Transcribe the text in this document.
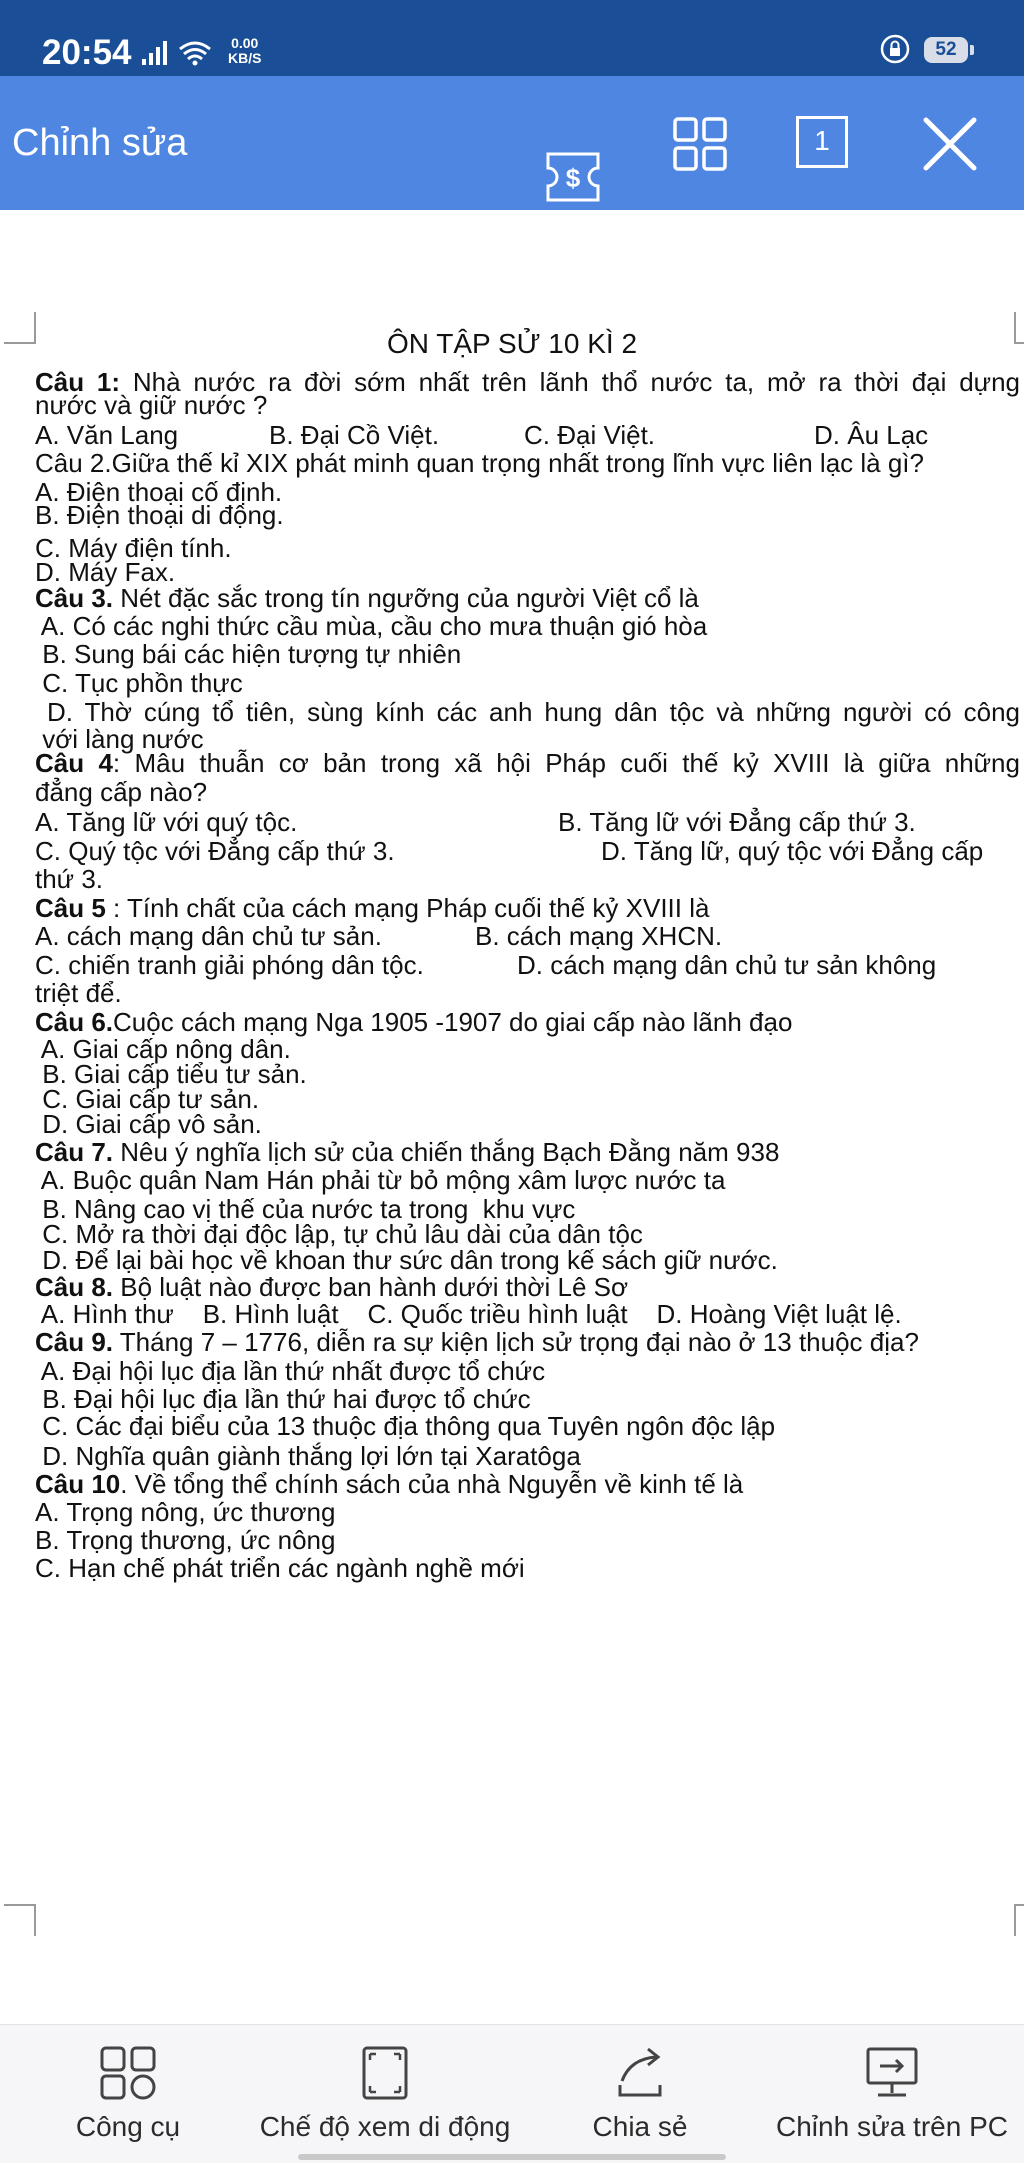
20:54	0.00
KB/S	52
Chỉnh sửa
$
1
ÔN TẬP SỬ 10 KÌ 2
Câu 1: Nhà nước ra đời sớm nhất trên lãnh thổ nước ta, mở ra thời đại dựng
nước và giữ nước ?
A. Văn Lang	B. Đại Cồ Việt.	C. Đại Việt.	D. Âu Lạc
Câu 2.Giữa thế kỉ XIX phát minh quan trọng nhất trong lĩnh vực liên lạc là gì?
A. Điện thoại cố định.
B. Điện thoại di động.
C. Máy điện tính.
D. Máy Fax.
Câu 3. Nét đặc sắc trong tín ngưỡng của người Việt cổ là
A. Có các nghi thức cầu mùa, cầu cho mưa thuận gió hòa
B. Sung bái các hiện tượng tự nhiên
C. Tục phồn thực
D. Thờ cúng tổ tiên, sùng kính các anh hung dân tộc và những người có công
với làng nước
Câu 4: Mâu thuẫn cơ bản trong xã hội Pháp cuối thế kỷ XVIII là giữa những
đẳng cấp nào?
A. Tăng lữ với quý tộc.	B. Tăng lữ với Đẳng cấp thứ 3.
C. Quý tộc với Đẳng cấp thứ 3.	D. Tăng lữ, quý tộc với Đẳng cấp
thứ 3.
Câu 5 : Tính chất của cách mạng Pháp cuối thế kỷ XVIII là
A. cách mạng dân chủ tư sản.	B. cách mạng XHCN.
C. chiến tranh giải phóng dân tộc.	D. cách mạng dân chủ tư sản không
triệt để.
Câu 6.Cuộc cách mạng Nga 1905 -1907 do giai cấp nào lãnh đạo
A. Giai cấp nông dân.
B. Giai cấp tiểu tư sản.
C. Giai cấp tư sản.
D. Giai cấp vô sản.
Câu 7. Nêu ý nghĩa lịch sử của chiến thắng Bạch Đằng năm 938
A. Buộc quân Nam Hán phải từ bỏ mộng xâm lược nước ta
B. Nâng cao vị thế của nước ta trong  khu vực
C. Mở ra thời đại độc lập, tự chủ lâu dài của dân tộc
D. Để lại bài học về khoan thư sức dân trong kế sách giữ nước.
Câu 8. Bộ luật nào được ban hành dưới thời Lê Sơ
A. Hình thư    B. Hình luật    C. Quốc triều hình luật    D. Hoàng Việt luật lệ.
Câu 9. Tháng 7 – 1776, diễn ra sự kiện lịch sử trọng đại nào ở 13 thuộc địa?
A. Đại hội lục địa lần thứ nhất được tổ chức
B. Đại hội lục địa lần thứ hai được tổ chức
C. Các đại biểu của 13 thuộc địa thông qua Tuyên ngôn độc lập
D. Nghĩa quân giành thắng lợi lớn tại Xaratôga
Câu 10. Về tổng thể chính sách của nhà Nguyễn về kinh tế là
A. Trọng nông, ức thương
B. Trọng thương, ức nông
C. Hạn chế phát triển các ngành nghề mới
Công cụ	Chế độ xem di động	Chia sẻ	Chỉnh sửa trên PC
